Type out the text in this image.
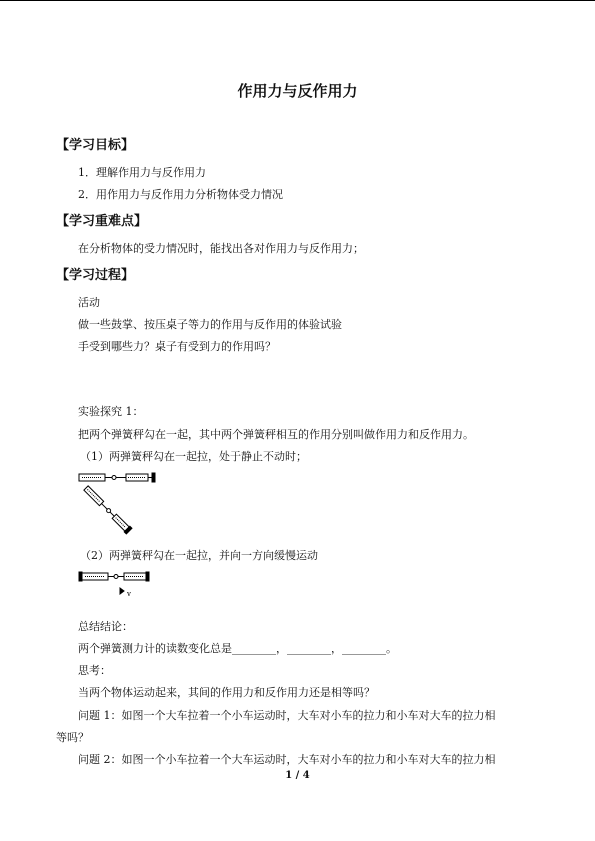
作用力与反作用力
【学习目标】
1．理解作用力与反作用力
2．用作用力与反作用力分析物体受力情况
【学习重难点】
在分析物体的受力情况时，能找出各对作用力与反作用力；
【学习过程】
活动
做一些鼓掌、按压桌子等力的作用与反作用的体验试验
手受到哪些力？桌子有受到力的作用吗？
实验探究 1：
把两个弹簧秤勾在一起，其中两个弹簧秤相互的作用分别叫做作用力和反作用力。
（1）两弹簧秤勾在一起拉，处于静止不动时；
（2）两弹簧秤勾在一起拉，并向一方向缓慢运动
v
总结结论：
两个弹簧测力计的读数变化总是________，________，________。
思考：
当两个物体运动起来，其间的作用力和反作用力还是相等吗？
问题 1：如图一个大车拉着一个小车运动时，大车对小车的拉力和小车对大车的拉力相
等吗？
问题 2：如图一个小车拉着一个大车运动时，大车对小车的拉力和小车对大车的拉力相
1 / 4
